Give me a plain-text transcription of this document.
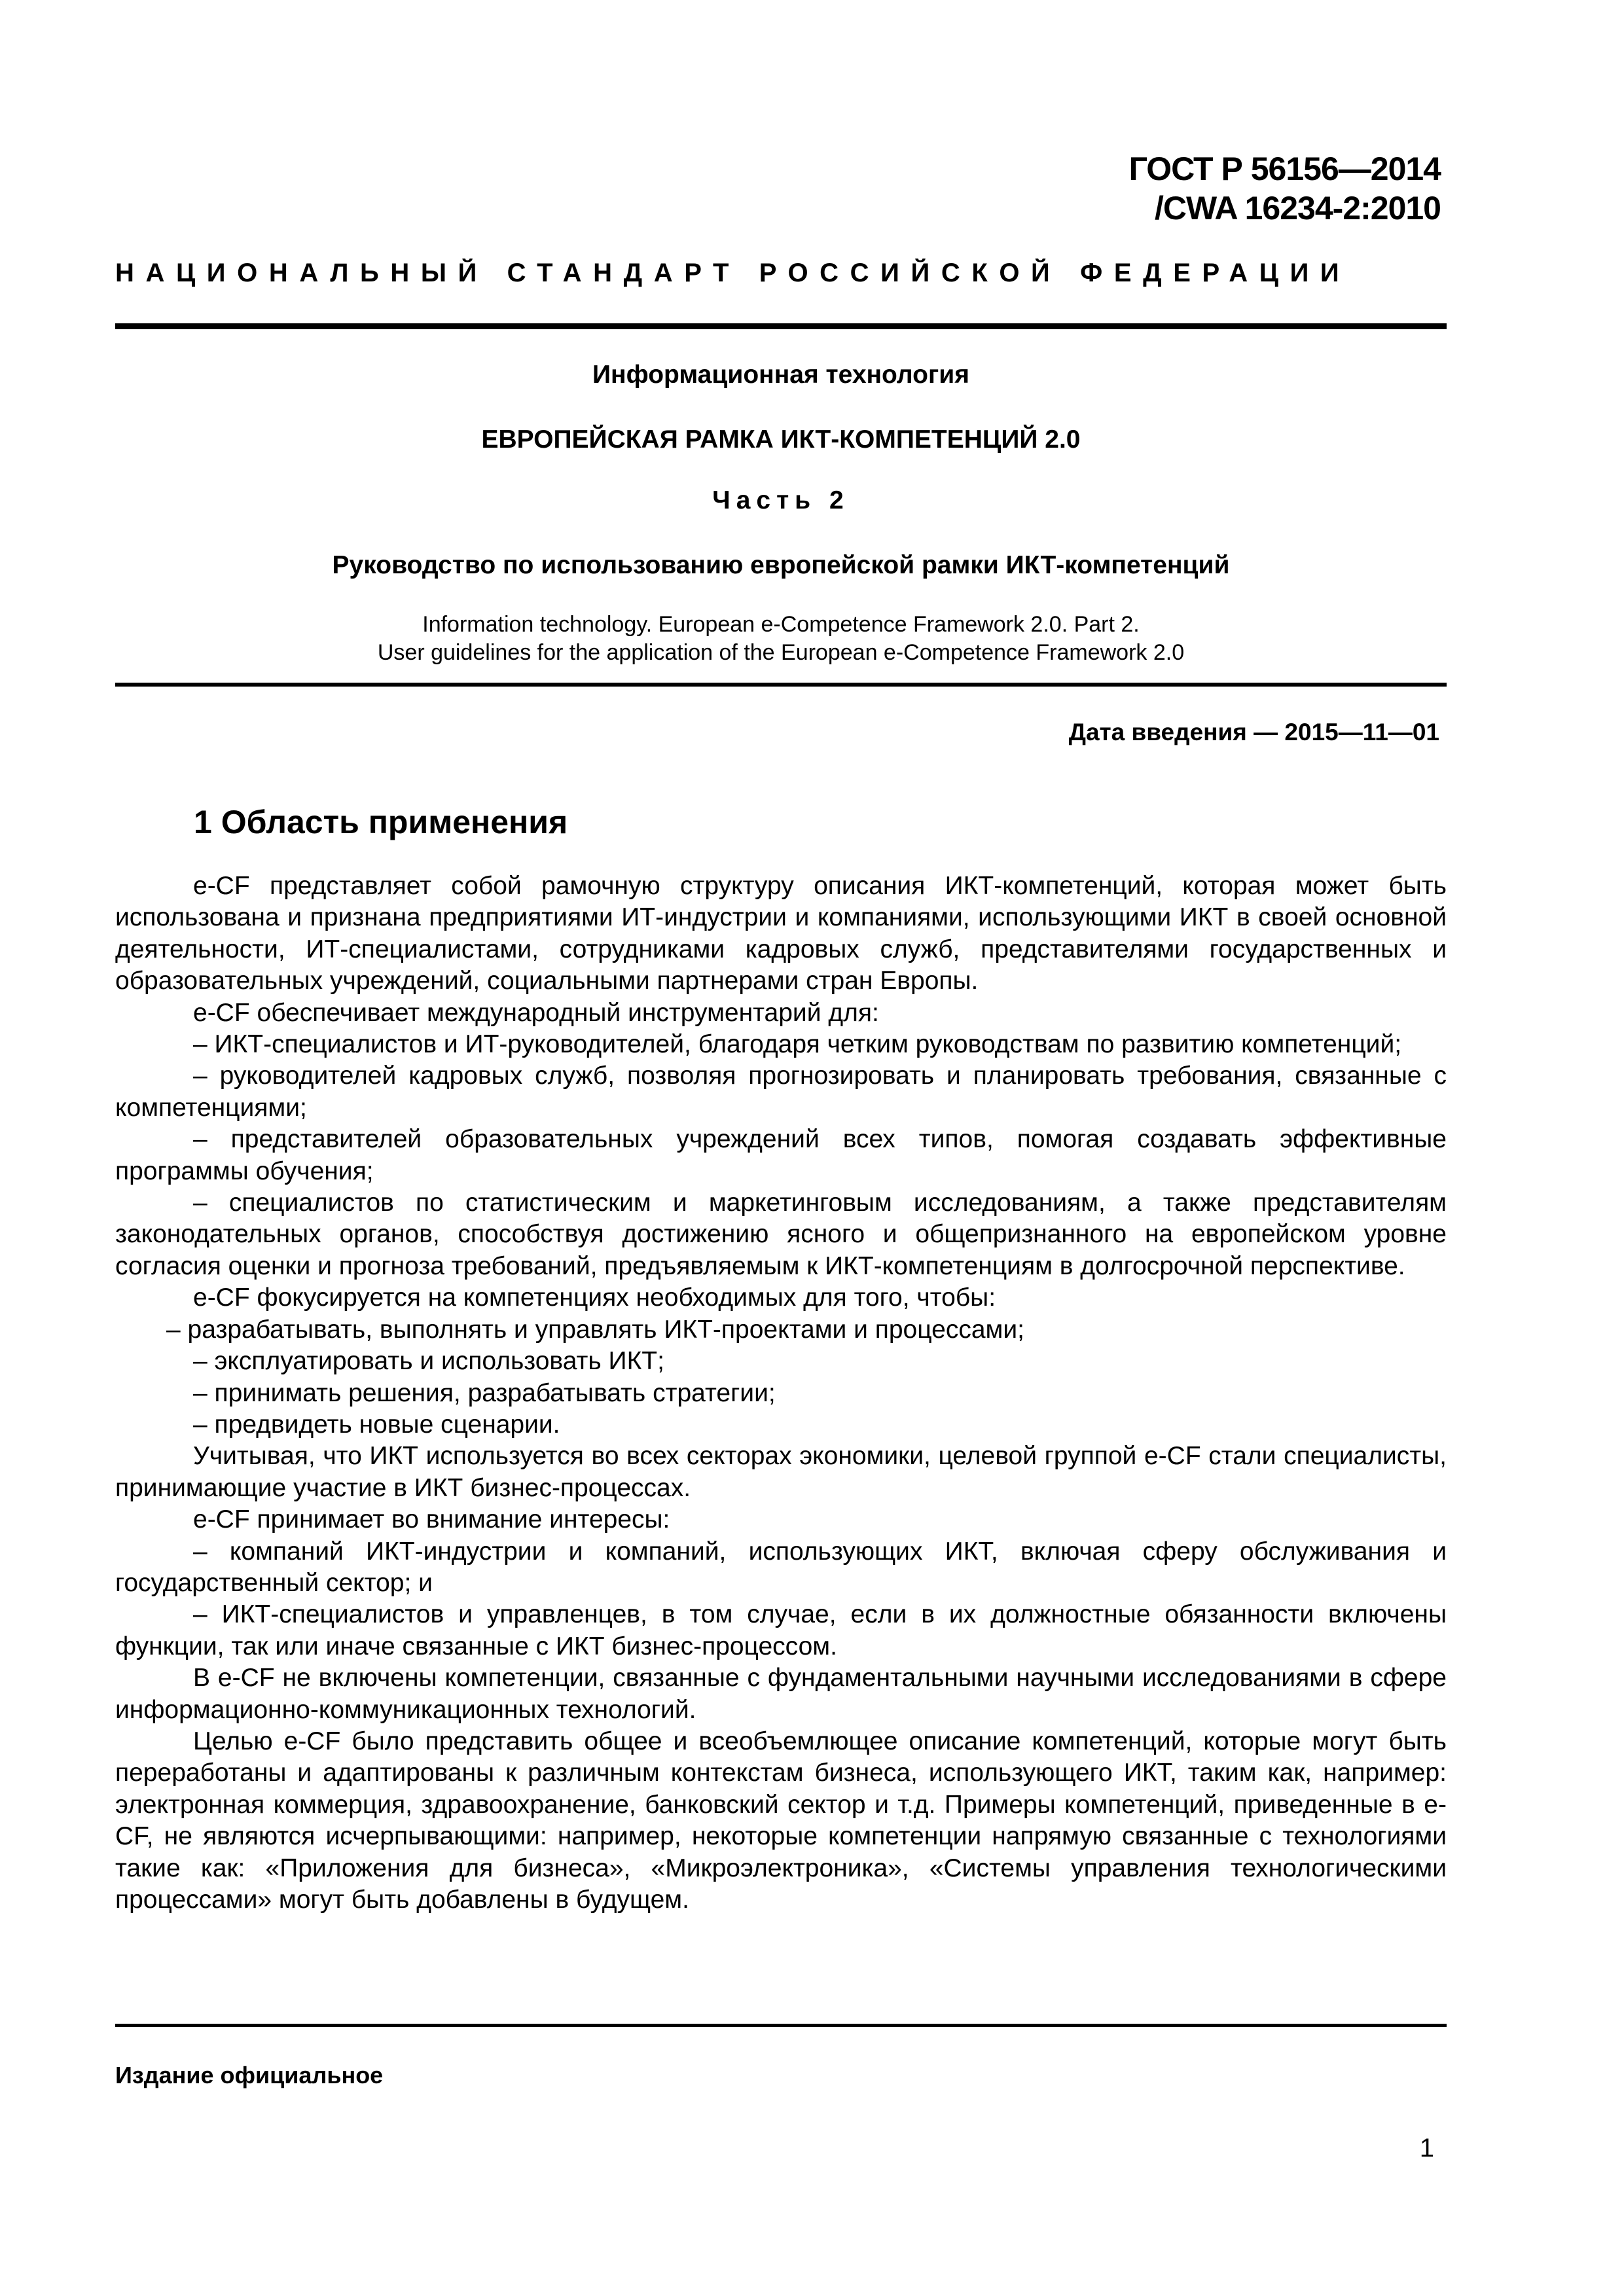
ГОСТ Р 56156—2014
/CWA 16234-2:2010
НАЦИОНАЛЬНЫЙ СТАНДАРТ РОССИЙСКОЙ ФЕДЕРАЦИИ
Информационная технология
ЕВРОПЕЙСКАЯ РАМКА ИКТ-КОМПЕТЕНЦИЙ 2.0
Часть 2
Руководство по использованию европейской рамки ИКТ-компетенций
Information technology. European e-Competence Framework 2.0. Part 2.
User guidelines for the application of the European e-Competence Framework 2.0
Дата введения — 2015—11—01
1 Область применения

e-CF представляет собой рамочную структуру описания ИКТ-компетенций, которая может быть использована и признана предприятиями ИТ-индустрии и компаниями, использующими ИКТ в своей основной деятельности, ИТ-специалистами, сотрудниками кадровых служб, представителями государственных и образовательных учреждений, социальными партнерами стран Европы.

e-CF обеспечивает международный инструментарий для:

– ИКТ-специалистов и ИТ-руководителей, благодаря четким руководствам по развитию компетенций;

– руководителей кадровых служб, позволяя прогнозировать и планировать требования, связанные с компетенциями;

– представителей образовательных учреждений всех типов, помогая создавать эффективные программы обучения;

– специалистов по статистическим и маркетинговым исследованиям, а также представителям законодательных органов, способствуя достижению ясного и общепризнанного на европейском уровне согласия оценки и прогноза требований, предъявляемым к ИКТ-компетенциям в долгосрочной перспективе.

e-CF фокусируется на компетенциях необходимых для того, чтобы:

– разрабатывать, выполнять и управлять ИКТ-проектами и процессами;

– эксплуатировать и использовать ИКТ;

– принимать решения, разрабатывать стратегии;

– предвидеть новые сценарии.

Учитывая, что ИКТ используется во всех секторах экономики, целевой группой e-CF стали специалисты, принимающие участие в ИКТ бизнес-процессах.

e-CF принимает во внимание интересы:

– компаний ИКТ-индустрии и компаний, использующих ИКТ, включая сферу обслуживания и государственный сектор; и

– ИКТ-специалистов и управленцев, в том случае, если в их должностные обязанности включены функции, так или иначе связанные с ИКТ бизнес-процессом.

В e-CF не включены компетенции, связанные с фундаментальными научными исследованиями в сфере информационно-коммуникационных технологий.

Целью e-CF было представить общее и всеобъемлющее описание компетенций, которые могут быть переработаны и адаптированы к различным контекстам бизнеса, использующего ИКТ, таким как, например: электронная коммерция, здравоохранение, банковский сектор и т.д. Примеры компетенций, приведенные в e-CF, не являются исчерпывающими: например, некоторые компетенции напрямую связанные с технологиями такие как: «Приложения для бизнеса», «Микроэлектроника», «Системы управления технологическими процессами» могут быть добавлены в будущем.

Издание официальное
1
